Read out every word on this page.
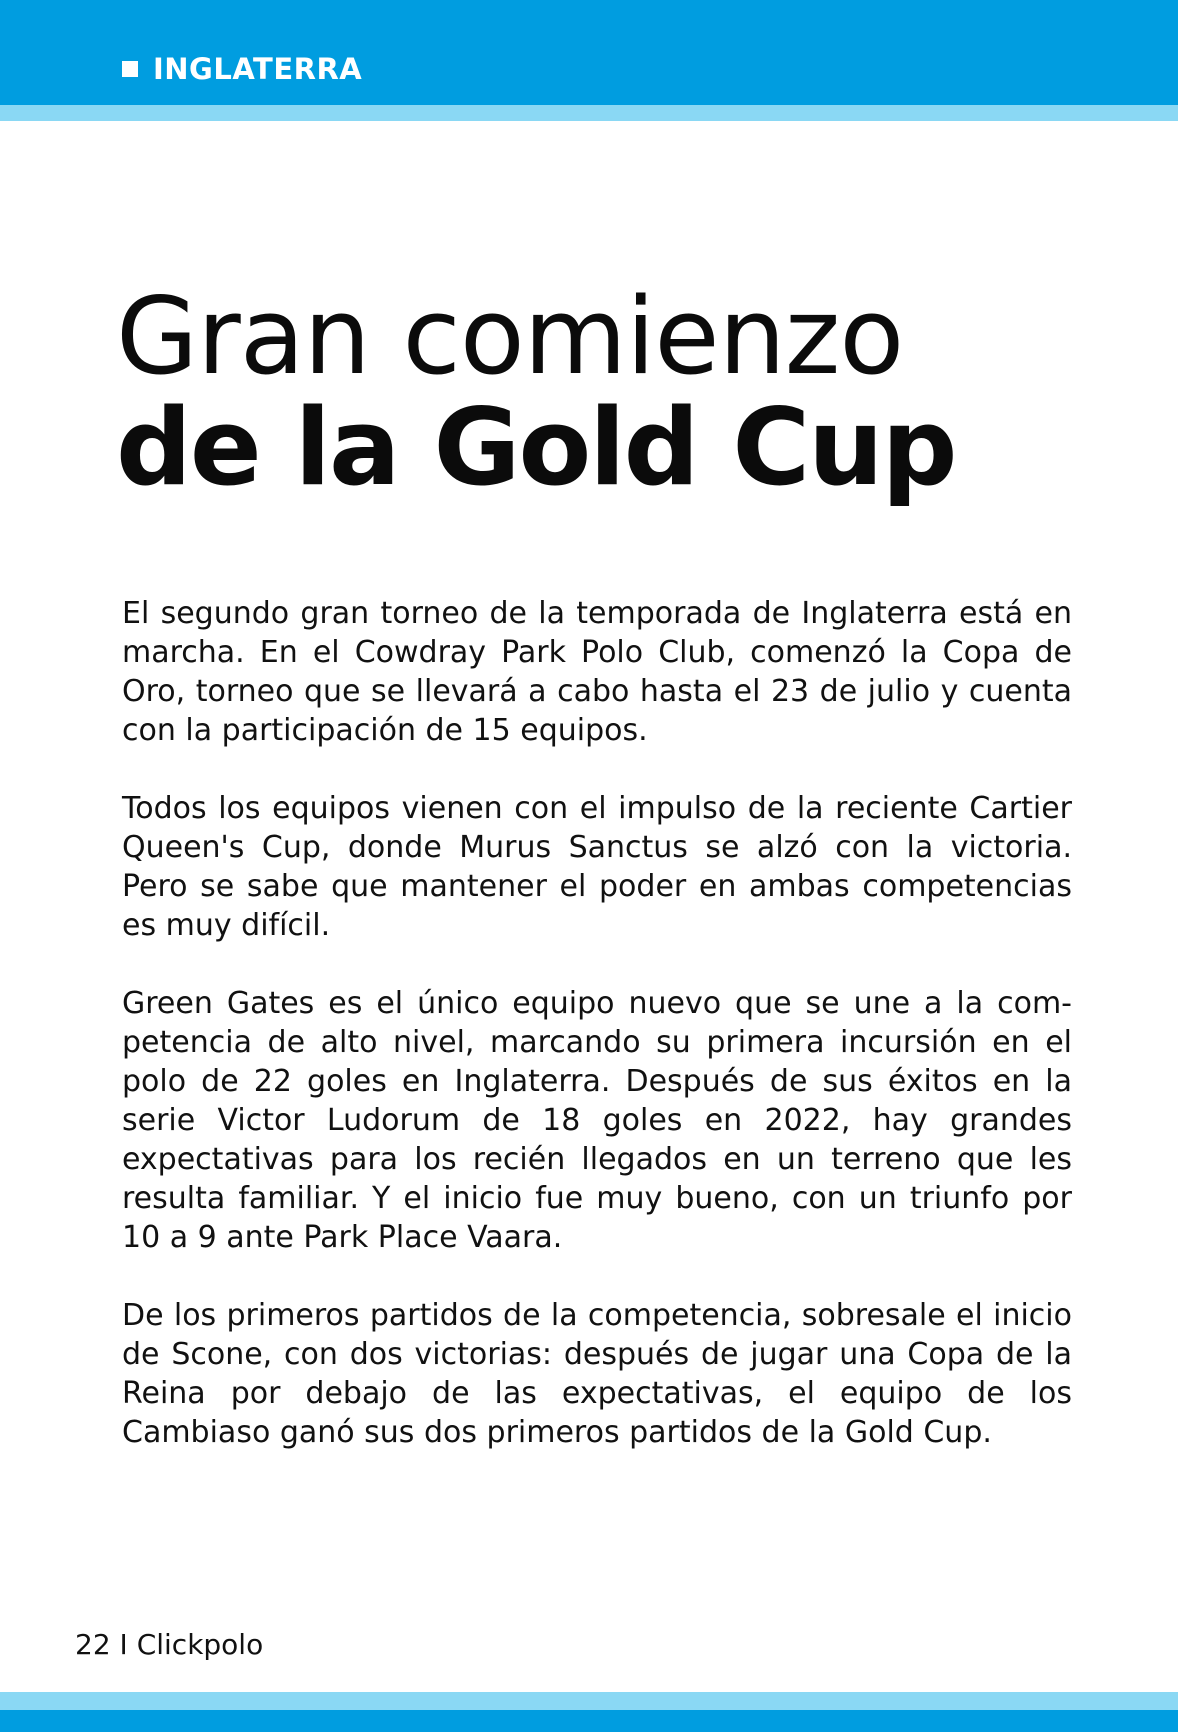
INGLATERRA
Gran comienzo
de la Gold Cup

El segundo gran torneo de la temporada de Inglaterra está en marcha. En el Cowdray Park Polo Club, comenzó la Copa de Oro, torneo que se llevará a cabo hasta el 23 de julio y cuenta con la participación de 15 equipos.

Todos los equipos vienen con el impulso de la reciente Cartier Queen's Cup, donde Murus Sanctus se alzó con la victoria. Pero se sabe que mantener el poder en ambas competencias es muy difícil.

Green Gates es el único equipo nuevo que se une a la competencia de alto nivel, marcando su primera incursión en el polo de 22 goles en Inglaterra. Después de sus éxitos en la serie Victor Ludorum de 18 goles en 2022, hay grandes expectativas para los recién llegados en un terreno que les resulta familiar. Y el inicio fue muy bueno, con un triunfo por 10 a 9 ante Park Place Vaara.

De los primeros partidos de la competencia, sobresale el inicio de Scone, con dos victorias: después de jugar una Copa de la Reina por debajo de las expectativas, el equipo de los Cambiaso ganó sus dos primeros partidos de la Gold Cup.

22 I Clickpolo
